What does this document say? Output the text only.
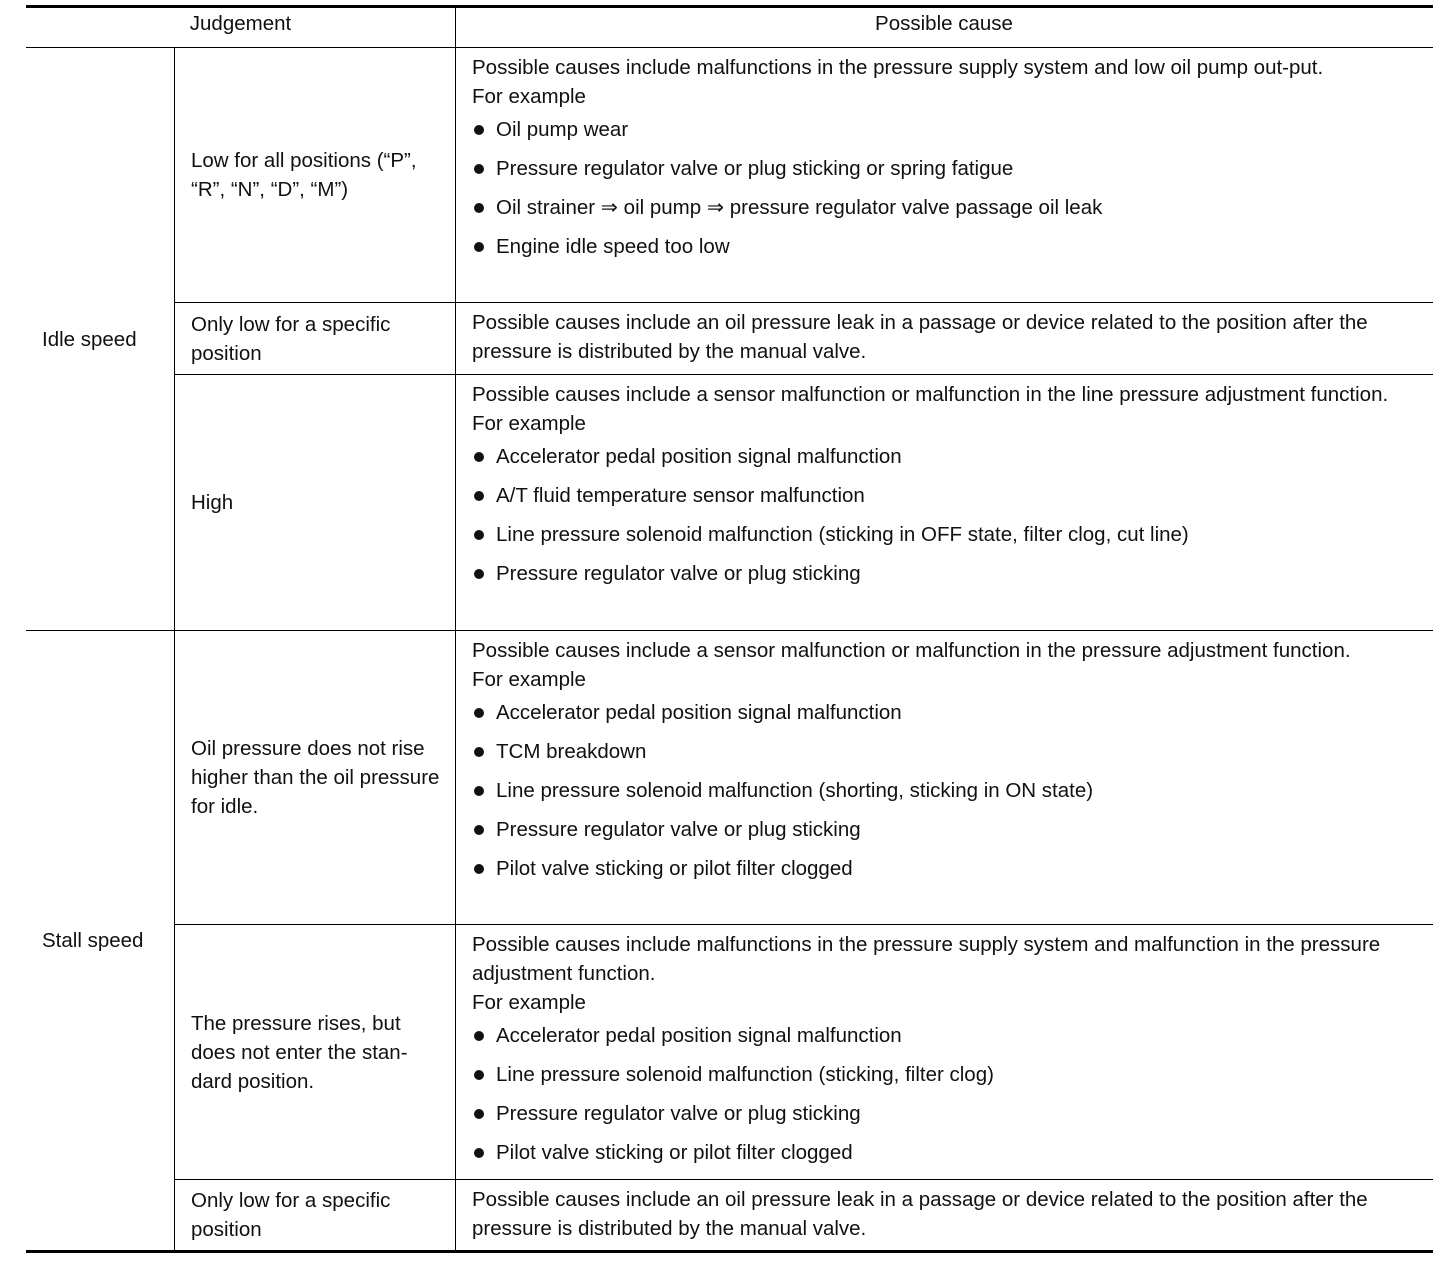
Judgement	Possible cause
Idle speed
Stall speed
Low for all positions (“P”, “R”, “N”, “D”, “M”)
Possible causes include malfunctions in the pressure supply system and low oil pump out-put.
For example
Oil pump wear
Pressure regulator valve or plug sticking or spring fatigue
Oil strainer ⇒ oil pump ⇒ pressure regulator valve passage oil leak
Engine idle speed too low
Only low for a specific position
Possible causes include an oil pressure leak in a passage or device related to the position after the pressure is distributed by the manual valve.
High
Possible causes include a sensor malfunction or malfunction in the line pressure adjustment function.
For example
Accelerator pedal position signal malfunction
A/T fluid temperature sensor malfunction
Line pressure solenoid malfunction (sticking in OFF state, filter clog, cut line)
Pressure regulator valve or plug sticking
Oil pressure does not rise higher than the oil pressure for idle.
Possible causes include a sensor malfunction or malfunction in the pressure adjustment function.
For example
Accelerator pedal position signal malfunction
TCM breakdown
Line pressure solenoid malfunction (shorting, sticking in ON state)
Pressure regulator valve or plug sticking
Pilot valve sticking or pilot filter clogged
The pressure rises, but does not enter the stan-dard position.
Possible causes include malfunctions in the pressure supply system and malfunction in the pressure adjustment function.
For example
Accelerator pedal position signal malfunction
Line pressure solenoid malfunction (sticking, filter clog)
Pressure regulator valve or plug sticking
Pilot valve sticking or pilot filter clogged
Only low for a specific position
Possible causes include an oil pressure leak in a passage or device related to the position after the pressure is distributed by the manual valve.
